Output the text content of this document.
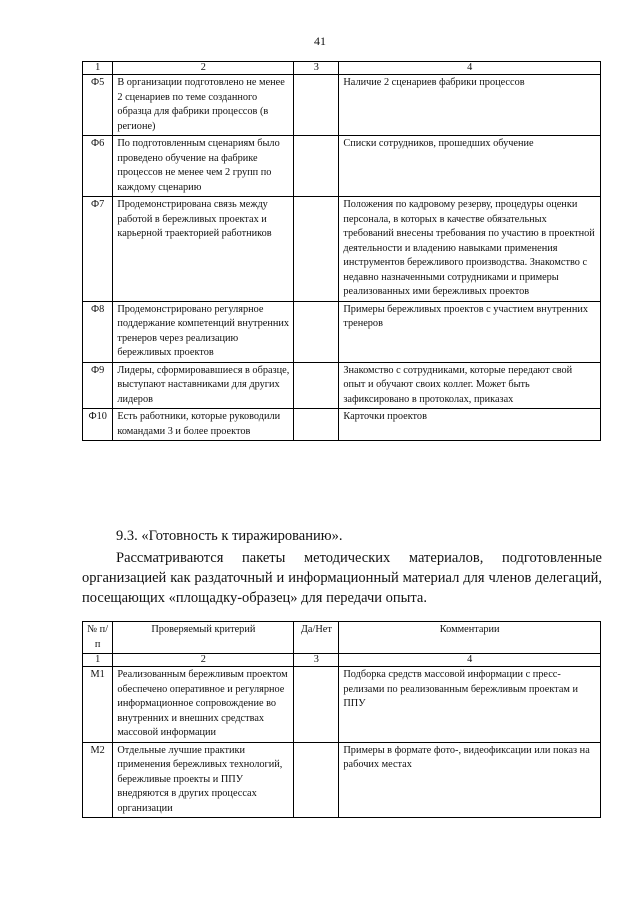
41
1	2	3	4
Ф5	В организации подготовлено не менее 2 сценариев по теме созданного образца для фабрики процессов (в регионе)		Наличие 2 сценариев фабрики процессов
Ф6	По подготовленным сценариям было проведено обучение на фабрике процессов не менее чем 2 групп по каждому сценарию		Списки сотрудников, прошедших обучение
Ф7	Продемонстрирована связь между работой в бережливых проектах и карьерной траекторией работников		Положения по кадровому резерву, процедуры оценки персонала, в которых в качестве обязательных требований внесены требования по участию в проектной деятельности и владению навыками применения инструментов бережливого производства. Знакомство с недавно назначенными сотрудниками и примеры реализованных ими бережливых проектов
Ф8	Продемонстрировано регулярное поддержание компетенций внутренних тренеров через реализацию бережливых проектов		Примеры бережливых проектов с участием внутренних тренеров
Ф9	Лидеры, сформировавшиеся в образце, выступают наставниками для других лидеров		Знакомство с сотрудниками, которые передают свой опыт и обучают своих коллег. Может быть зафиксировано в протоколах, приказах
Ф10	Есть работники, которые руководили командами 3 и более проектов		Карточки проектов
9.3. «Готовность к тиражированию».

Рассматриваются пакеты методических материалов, подготовленные организацией как раздаточный и информационный материал для членов делегаций, посещающих «площадку-образец» для передачи опыта.

№ п/п	Проверяемый критерий	Да/Нет	Комментарии
1	2	3	4
М1	Реализованным бережливым проектом обеспечено оперативное и регулярное информационное сопровождение во внутренних и внешних средствах массовой информации		Подборка средств массовой информации с пресс-релизами по реализованным бережливым проектам и ППУ
М2	Отдельные лучшие практики применения бережливых технологий, бережливые проекты и ППУ внедряются в других процессах организации		Примеры в формате фото-, видеофиксации или показ на рабочих местах
